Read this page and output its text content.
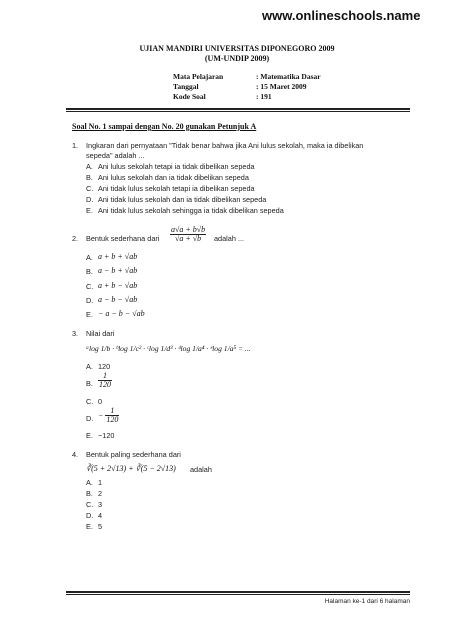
www.onlineschools.name
UJIAN MANDIRI UNIVERSITAS DIPONEGORO 2009
(UM-UNDIP 2009)
Mata Pelajaran	: Matematika Dasar
Tanggal	: 15 Maret 2009
Kode Soal	: 191
Soal No. 1 sampai dengan No. 20 gunakan Petunjuk A
1. Ingkaran dari pernyataan "Tidak benar bahwa jika Ani lulus sekolah, maka ia dibelikan
sepeda" adalah ...
A. Ani lulus sekolah tetapi ia tidak dibelikan sepeda
B. Ani lulus sekolah dan ia tidak dibelikan sepeda
C. Ani tidak lulus sekolah tetapi ia dibelikan sepeda
D. Ani tidak lulus sekolah dan ia tidak dibelikan sepeda
E. Ani tidak lulus sekolah sehingga ia tidak dibelikan sepeda
2. Bentuk sederhana dari $\frac{a√a + b√b}{√a + √b}$ adalah ...
A. a + b + √ab
B. a − b + √ab
C. a + b − √ab
D. a − b − √ab
E. − a − b − √ab
3. Nilai dari
ᵃlog 1/b · ᵇlog 1/c² · ᶜlog 1/d³ · ᵈlog 1/a⁴ · ᵉlog 1/a⁵ = ...
A. 120
B. $\frac{1}{120}$
C. 0
D. − $\frac{1}{120}$
E. −120
4. Bentuk paling sederhana dari
∛(5 + 2√13) + ∛(5 − 2√13) adalah
A. 1
B. 2
C. 3
D. 4
E. 5
Halaman ke-1 dari 6 halaman
